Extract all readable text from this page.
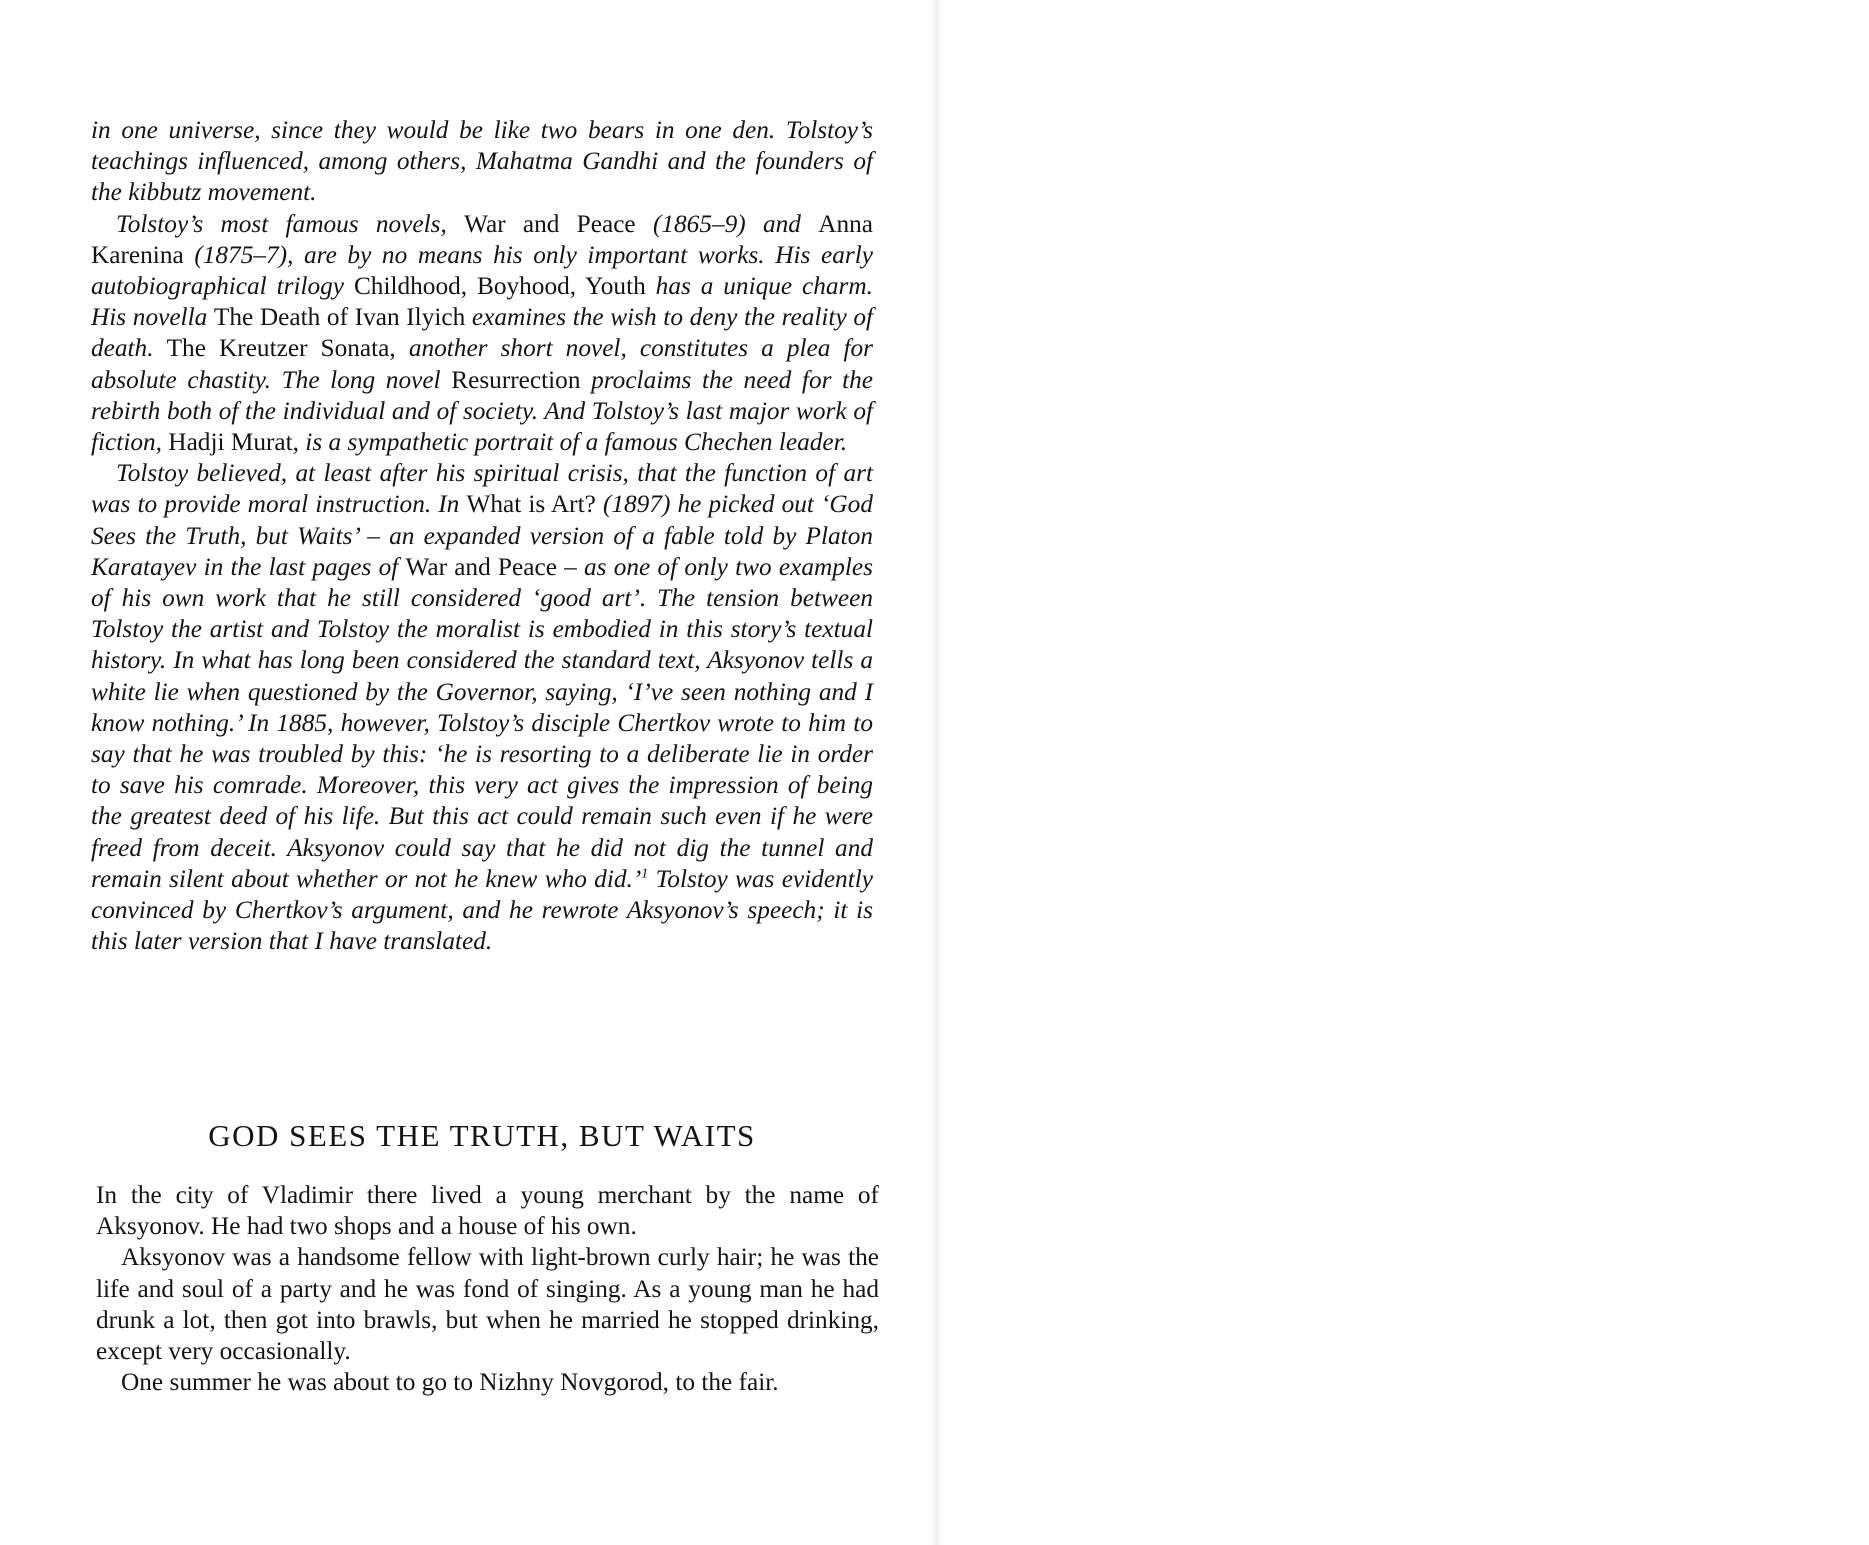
in one universe, since they would be like two bears in one den. Tolstoy’s teachings influenced, among others, Mahatma Gandhi and the founders of the kibbutz movement.

Tolstoy’s most famous novels, War and Peace (1865–9) and Anna Karenina (1875–7), are by no means his only important works. His early autobiographical trilogy Childhood, Boyhood, Youth has a unique charm. His novella The Death of Ivan Ilyich examines the wish to deny the reality of death. The Kreutzer Sonata, another short novel, constitutes a plea for absolute chastity. The long novel Resurrection proclaims the need for the rebirth both of the individual and of society. And Tolstoy’s last major work of fiction, Hadji Murat, is a sympathetic portrait of a famous Chechen leader.

Tolstoy believed, at least after his spiritual crisis, that the function of art was to provide moral instruction. In What is Art? (1897) he picked out ‘God Sees the Truth, but Waits’ – an expanded version of a fable told by Platon Karatayev in the last pages of War and Peace – as one of only two examples of his own work that he still considered ‘good art’. The tension between Tolstoy the artist and Tolstoy the moralist is embodied in this story’s textual history. In what has long been considered the standard text, Aksyonov tells a white lie when questioned by the Governor, saying, ‘I’ve seen nothing and I know nothing.’ In 1885, however, Tolstoy’s disciple Chertkov wrote to him to say that he was troubled by this: ‘he is resorting to a deliberate lie in order to save his comrade. Moreover, this very act gives the impression of being the greatest deed of his life. But this act could remain such even if he were freed from deceit. Aksyonov could say that he did not dig the tunnel and remain silent about whether or not he knew who did.’$^1$ Tolstoy was evidently convinced by Chertkov’s argument, and he rewrote Aksyonov’s speech; it is this later version that I have translated.

GOD SEES THE TRUTH, BUT WAITS

In the city of Vladimir there lived a young merchant by the name of Aksyonov. He had two shops and a house of his own.

Aksyonov was a handsome fellow with light-brown curly hair; he was the life and soul of a party and he was fond of singing. As a young man he had drunk a lot, then got into brawls, but when he married he stopped drinking, except very occasionally.

One summer he was about to go to Nizhny Novgorod, to the fair.
